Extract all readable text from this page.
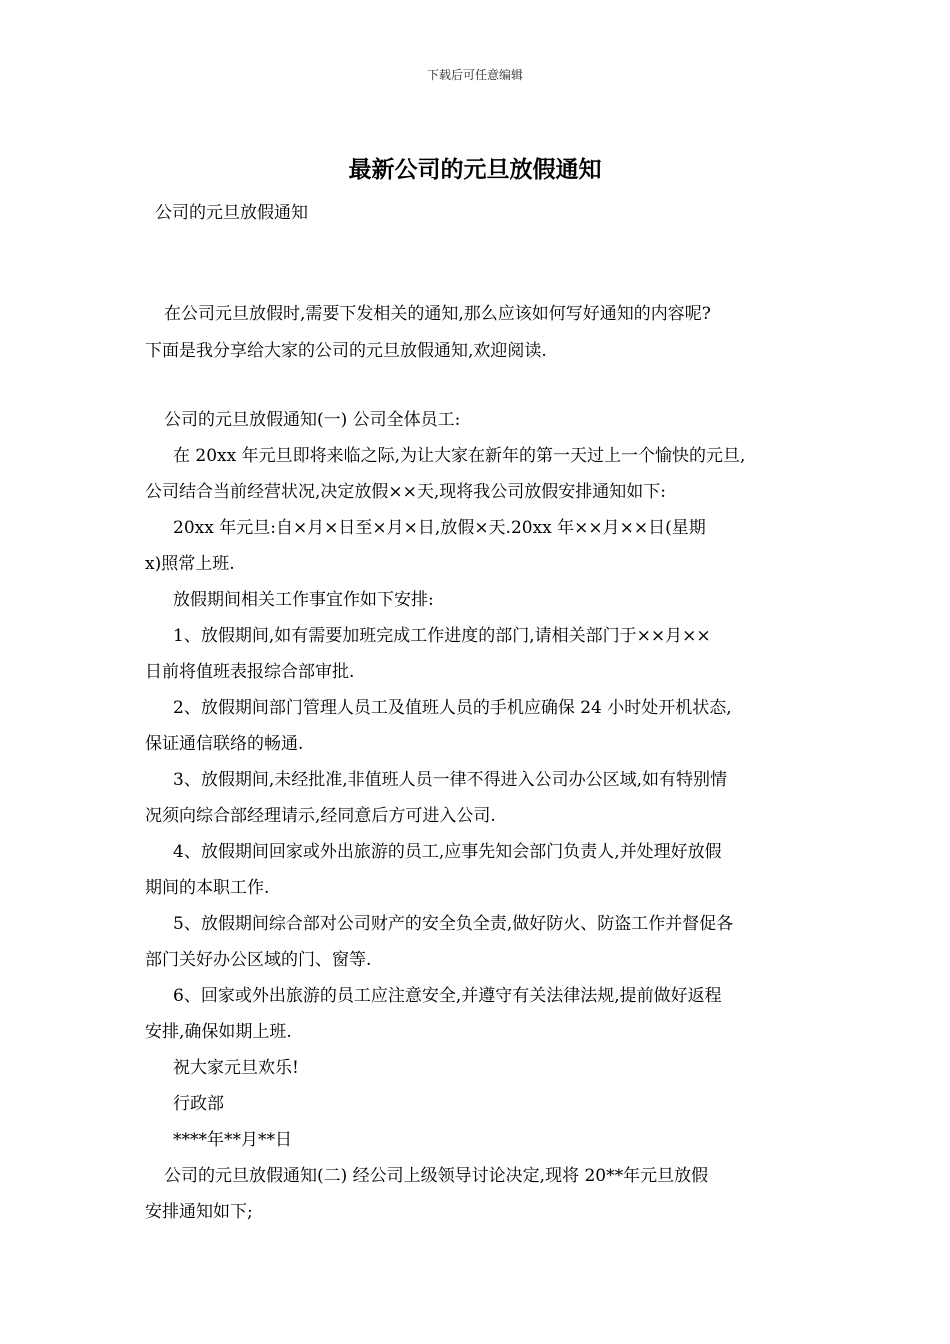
下载后可任意编辑
最新公司的元旦放假通知
公司的元旦放假通知
在公司元旦放假时,需要下发相关的通知,那么应该如何写好通知的内容呢?
下面是我分享给大家的公司的元旦放假通知,欢迎阅读.
公司的元旦放假通知(一) 公司全体员工:
在 20xx 年元旦即将来临之际,为让大家在新年的第一天过上一个愉快的元旦,
公司结合当前经营状况,决定放假××天,现将我公司放假安排通知如下:
20xx 年元旦:自×月×日至×月×日,放假×天.20xx 年××月××日(星期
x)照常上班.
放假期间相关工作事宜作如下安排:
1、放假期间,如有需要加班完成工作进度的部门,请相关部门于××月××
日前将值班表报综合部审批.
2、放假期间部门管理人员工及值班人员的手机应确保 24 小时处开机状态,
保证通信联络的畅通.
3、放假期间,未经批准,非值班人员一律不得进入公司办公区域,如有特别情
况须向综合部经理请示,经同意后方可进入公司.
4、放假期间回家或外出旅游的员工,应事先知会部门负责人,并处理好放假
期间的本职工作.
5、放假期间综合部对公司财产的安全负全责,做好防火、防盗工作并督促各
部门关好办公区域的门、窗等.
6、回家或外出旅游的员工应注意安全,并遵守有关法律法规,提前做好返程
安排,确保如期上班.
祝大家元旦欢乐!
行政部
****年**月**日
公司的元旦放假通知(二) 经公司上级领导讨论决定,现将 20**年元旦放假
安排通知如下;
